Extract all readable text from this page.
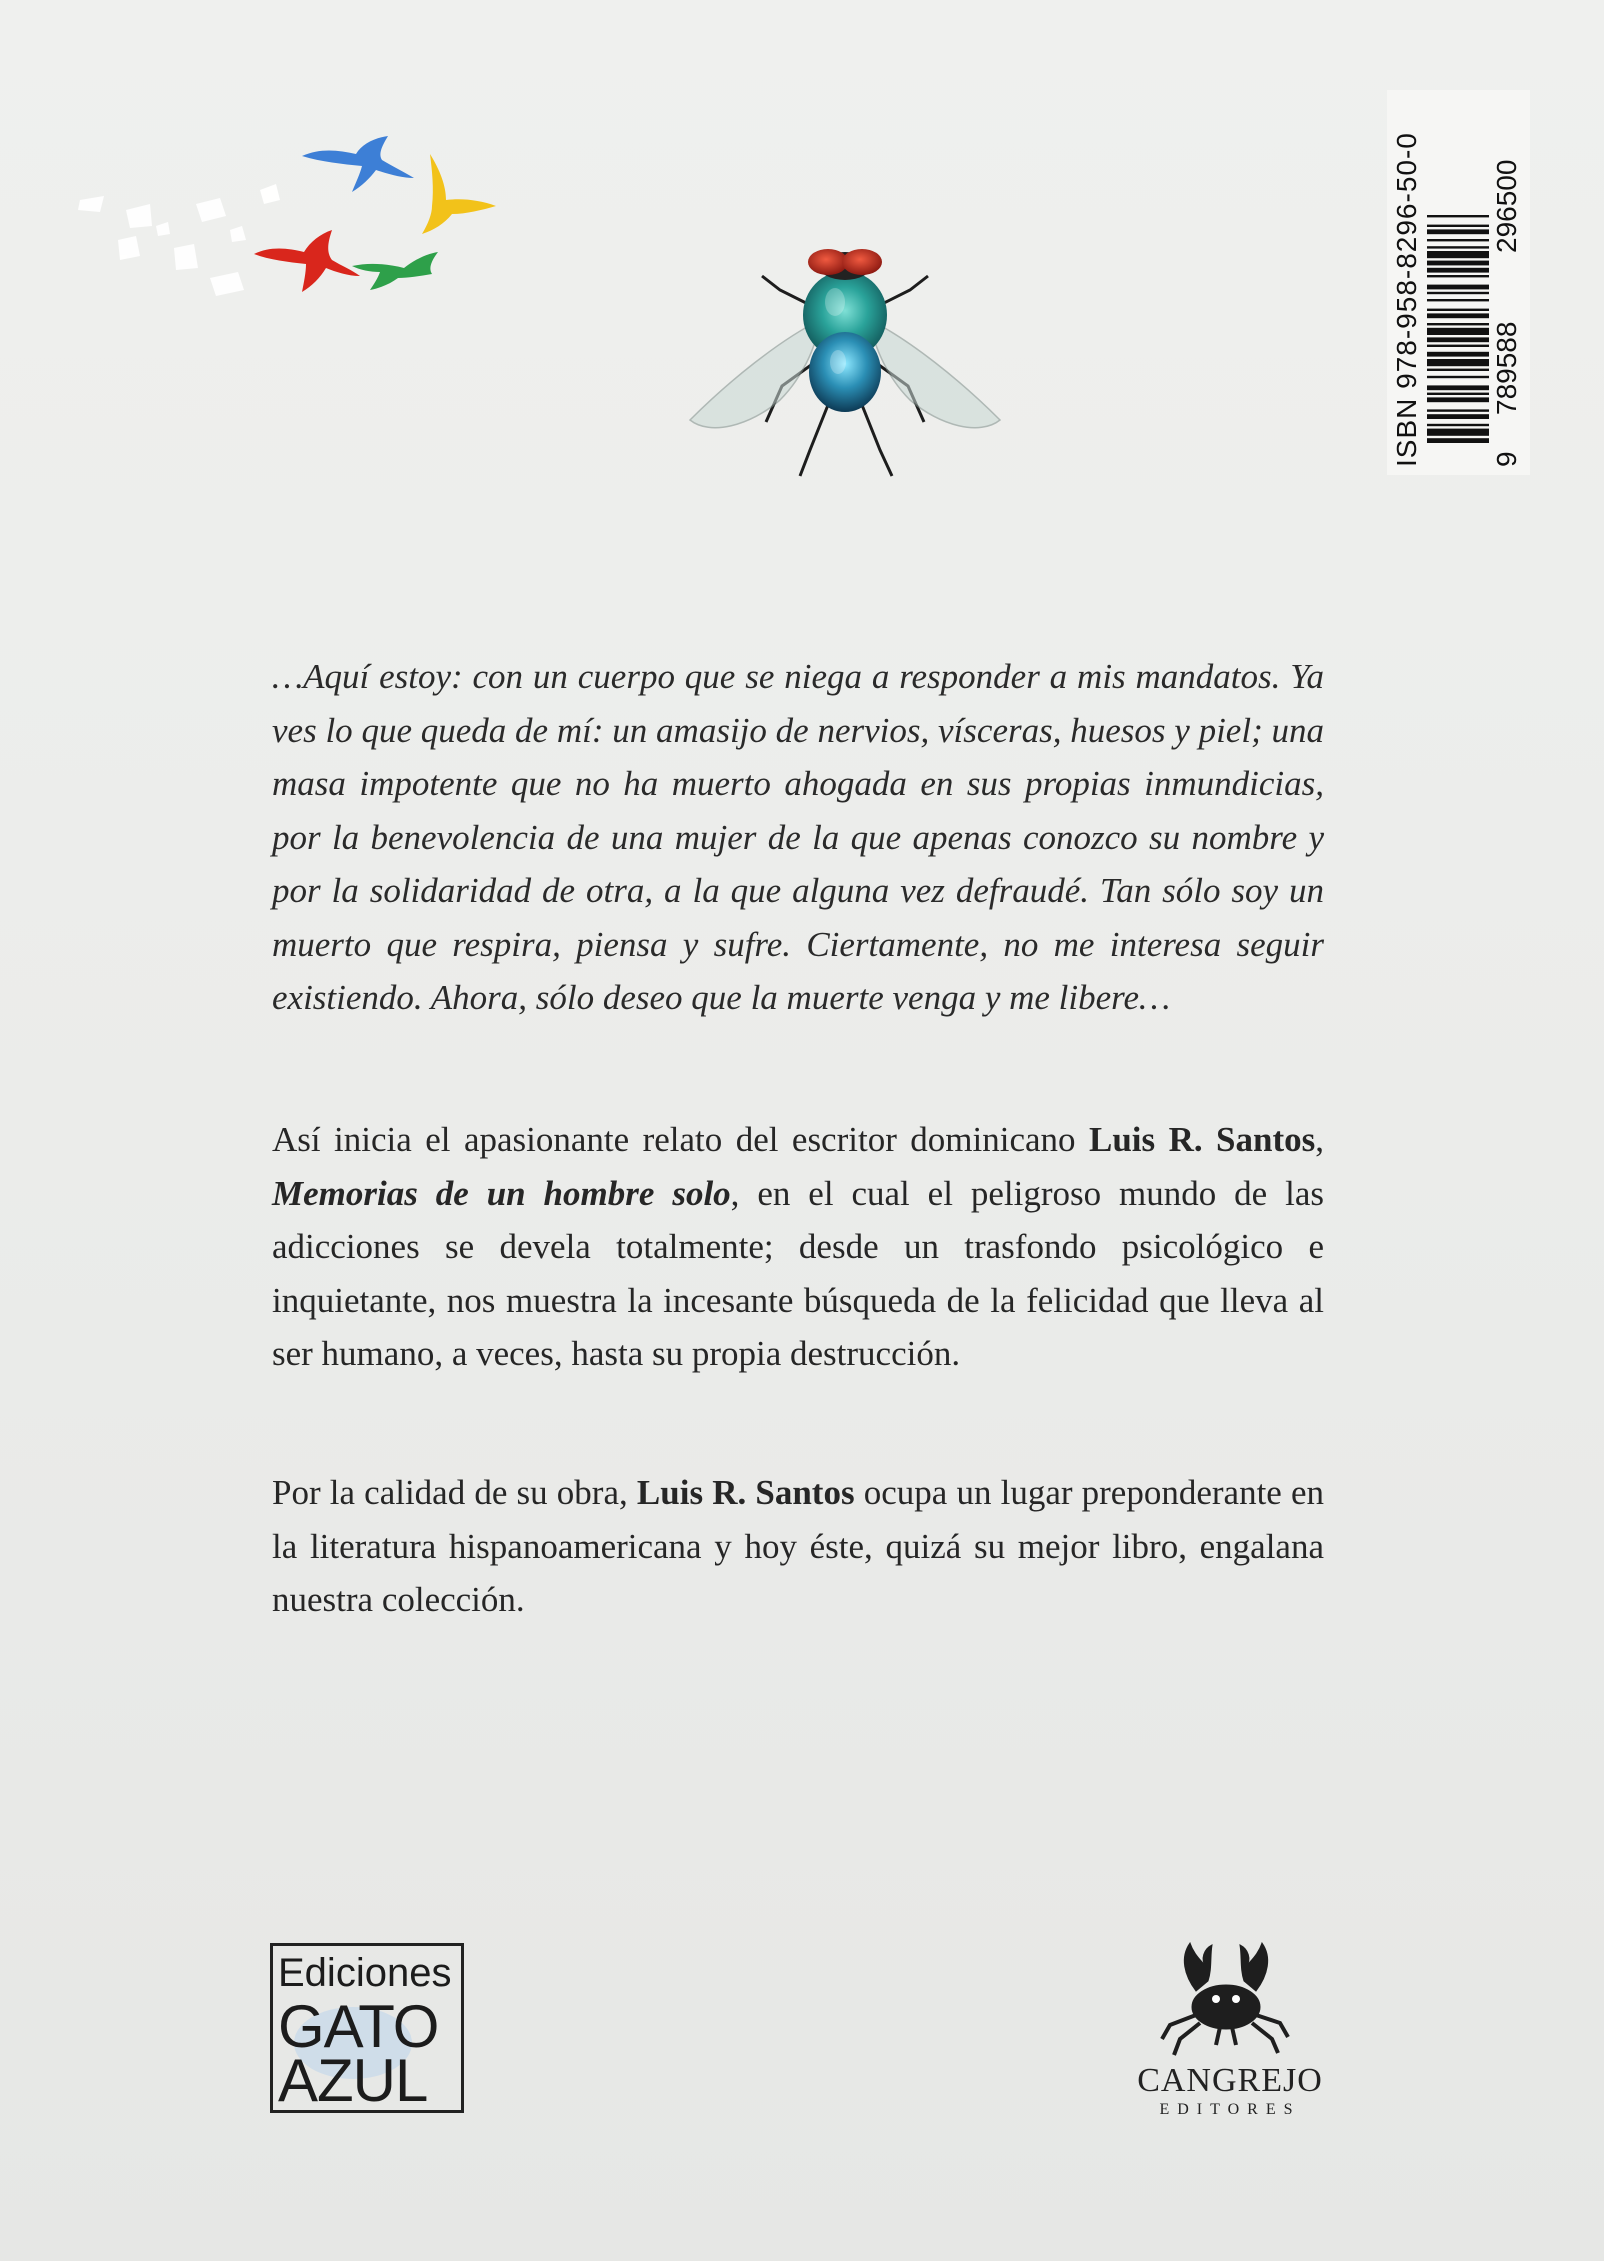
ISBN 978-958-8296-50-0 9
789588
296500

…Aquí estoy: con un cuerpo que se niega a responder a mis mandatos. Ya ves lo que queda de mí: un amasijo de nervios, vísceras, huesos y piel; una masa impotente que no ha muerto ahogada en sus propias inmundicias, por la benevolencia de una mujer de la que apenas conozco su nombre y por la solidaridad de otra, a la que alguna vez defraudé. Tan sólo soy un muerto que respira, piensa y sufre. Ciertamente, no me interesa seguir existiendo. Ahora, sólo deseo que la muerte venga y me libere…

Así inicia el apasionante relato del escritor dominicano Luis R. Santos, Memorias de un hombre solo, en el cual el peligroso mundo de las adicciones se devela totalmente; desde un trasfondo psicológico e inquietante, nos muestra la incesante búsqueda de la felicidad que lleva al ser humano, a veces, hasta su propia destrucción.

Por la calidad de su obra, Luis R. Santos ocupa un lugar preponderante en la literatura hispanoamericana y hoy éste, quizá su mejor libro, engalana nuestra colección.

Ediciones
GATO
AZUL	CANGREJO
EDITORES
